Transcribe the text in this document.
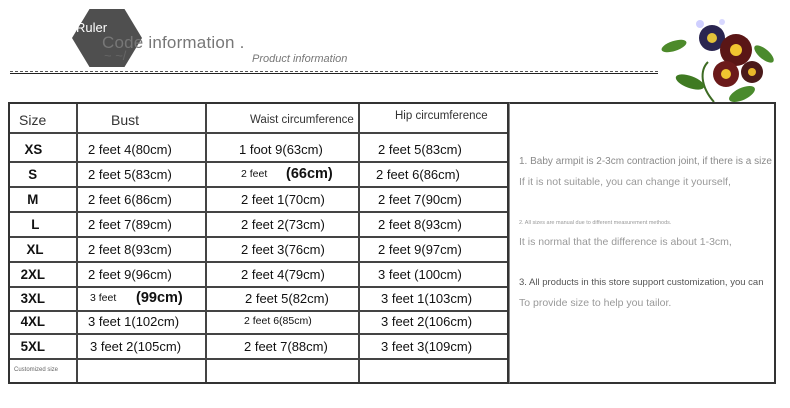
Ruler
Code information .
~ ~/	Product information
Size	Bust	Waist circumference	Hip circumference
XS	2 feet 4(80cm)	1 foot 9(63cm)	2 feet 5(83cm)
S	2 feet 5(83cm)	2 feet (66cm)	2 feet 6(86cm)
M	2 feet 6(86cm)	2 feet 1(70cm)	2 feet 7(90cm)
L	2 feet 7(89cm)	2 feet 2(73cm)	2 feet 8(93cm)
XL	2 feet 8(93cm)	2 feet 3(76cm)	2 feet 9(97cm)
2XL	2 feet 9(96cm)	2 feet 4(79cm)	3 feet (100cm)
3XL	3 feet (99cm)	2 feet 5(82cm)	3 feet 1(103cm)
4XL	3 feet 1(102cm)	2 feet 6(85cm)	3 feet 2(106cm)
5XL	3 feet 2(105cm)	2 feet 7(88cm)	3 feet 3(109cm)
Customized size
1. Baby armpit is 2-3cm contraction joint, if there is a size
If it is not suitable, you can change it yourself,
2. All sizes are manual due to different measurement methods.
It is normal that the difference is about 1-3cm,
3. All products in this store support customization, you can
To provide size to help you tailor.
